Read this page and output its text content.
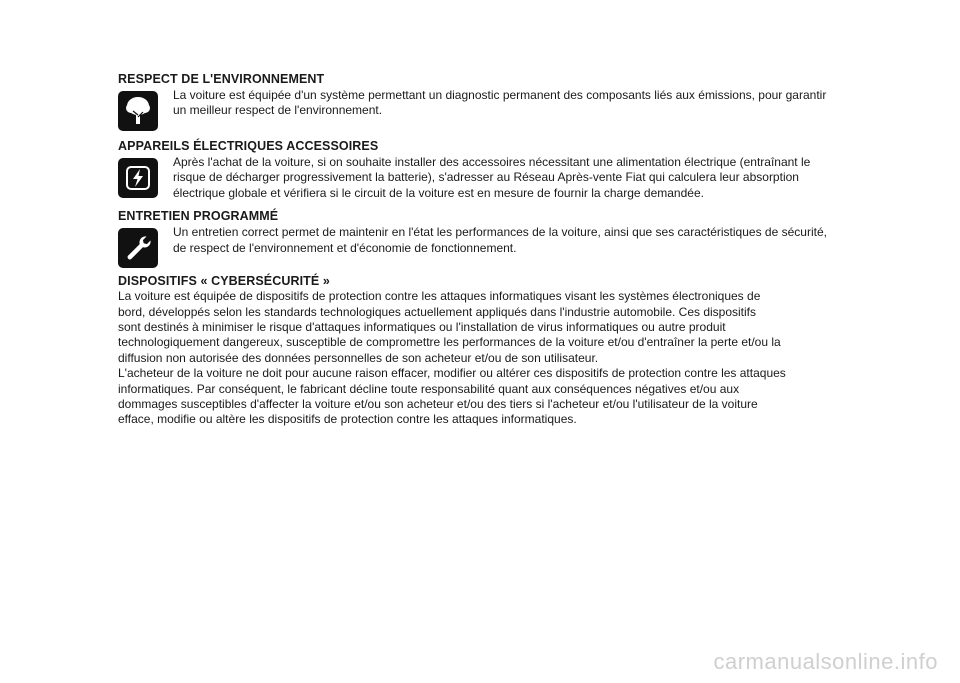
RESPECT DE L'ENVIRONNEMENT
La voiture est équipée d'un système permettant un diagnostic permanent des composants liés aux émissions, pour garantir
un meilleur respect de l'environnement.
APPAREILS ÉLECTRIQUES ACCESSOIRES
Après l'achat de la voiture, si on souhaite installer des accessoires nécessitant une alimentation électrique (entraînant le
risque de décharger progressivement la batterie), s'adresser au Réseau Après-vente Fiat qui calculera leur absorption
électrique globale et vérifiera si le circuit de la voiture est en mesure de fournir la charge demandée.
ENTRETIEN PROGRAMMÉ
Un entretien correct permet de maintenir en l'état les performances de la voiture, ainsi que ses caractéristiques de sécurité,
de respect de l'environnement et d'économie de fonctionnement.
DISPOSITIFS « CYBERSÉCURITÉ »
La voiture est équipée de dispositifs de protection contre les attaques informatiques visant les systèmes électroniques de
bord, développés selon les standards technologiques actuellement appliqués dans l'industrie automobile. Ces dispositifs
sont destinés à minimiser le risque d'attaques informatiques ou l'installation de virus informatiques ou autre produit
technologiquement dangereux, susceptible de compromettre les performances de la voiture et/ou d'entraîner la perte et/ou la
diffusion non autorisée des données personnelles de son acheteur et/ou de son utilisateur.
L'acheteur de la voiture ne doit pour aucune raison effacer, modifier ou altérer ces dispositifs de protection contre les attaques
informatiques. Par conséquent, le fabricant décline toute responsabilité quant aux conséquences négatives et/ou aux
dommages susceptibles d'affecter la voiture et/ou son acheteur et/ou des tiers si l'acheteur et/ou l'utilisateur de la voiture
efface, modifie ou altère les dispositifs de protection contre les attaques informatiques.
carmanualsonline.info
